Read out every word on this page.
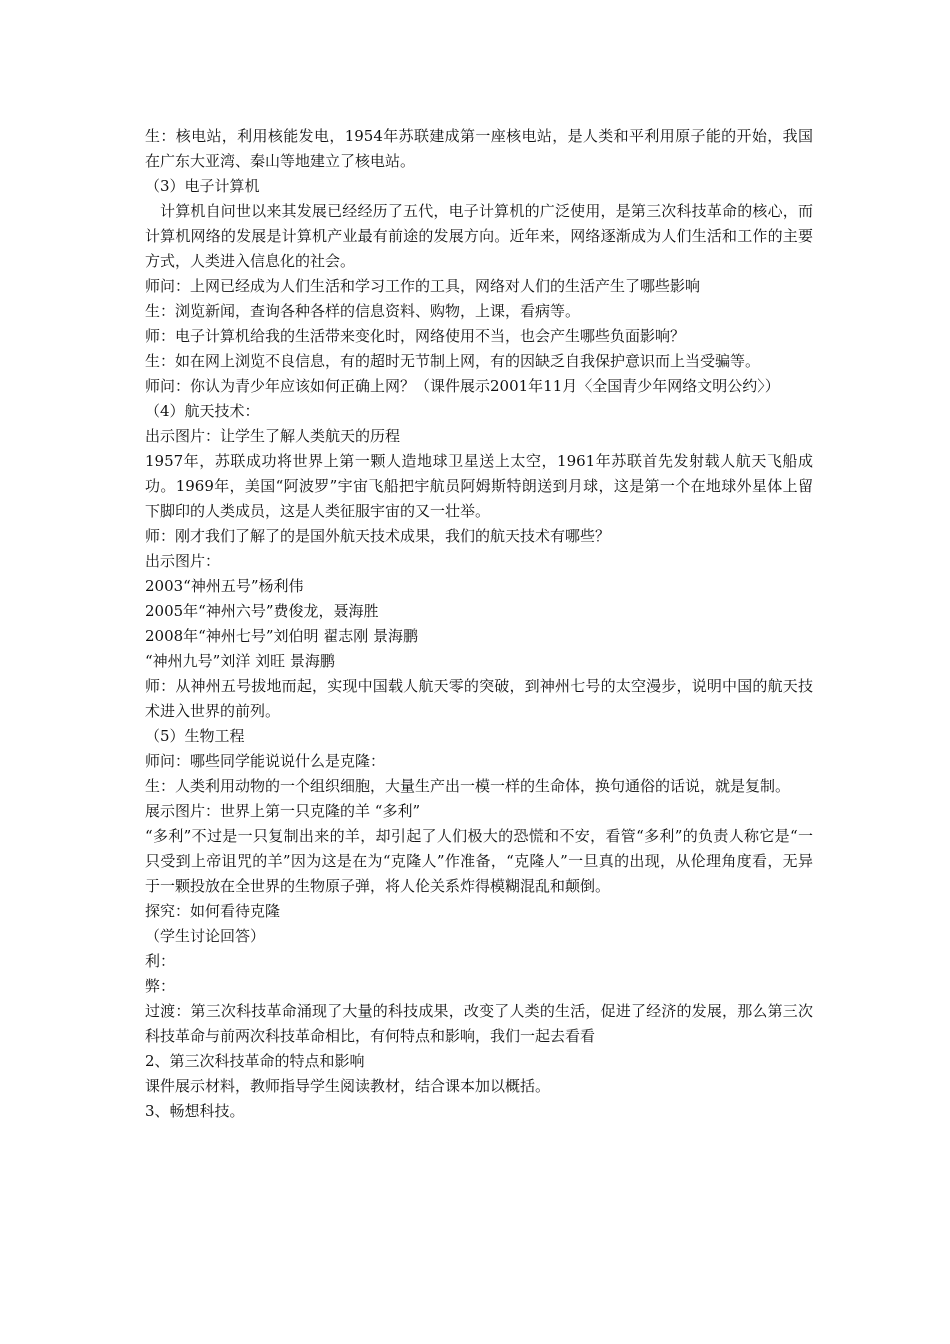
生：核电站，利用核能发电，1954年苏联建成第一座核电站，是人类和平利用原子能的开始，我国在广东大亚湾、秦山等地建立了核电站。

（3）电子计算机

计算机自问世以来其发展已经经历了五代，电子计算机的广泛使用，是第三次科技革命的核心，而计算机网络的发展是计算机产业最有前途的发展方向。近年来，网络逐渐成为人们生活和工作的主要方式，人类进入信息化的社会。

师问：上网已经成为人们生活和学习工作的工具，网络对人们的生活产生了哪些影响

生：浏览新闻，查询各种各样的信息资料、购物，上课，看病等。

师：电子计算机给我的生活带来变化时，网络使用不当，也会产生哪些负面影响？

生：如在网上浏览不良信息，有的超时无节制上网，有的因缺乏自我保护意识而上当受骗等。

师问：你认为青少年应该如何正确上网？（课件展示2001年11月〈全国青少年网络文明公约〉）

（4）航天技术：

出示图片：让学生了解人类航天的历程

1957年，苏联成功将世界上第一颗人造地球卫星送上太空，1961年苏联首先发射载人航天飞船成功。1969年，美国“阿波罗”宇宙飞船把宇航员阿姆斯特朗送到月球，这是第一个在地球外星体上留下脚印的人类成员，这是人类征服宇宙的又一壮举。

师：刚才我们了解了的是国外航天技术成果，我们的航天技术有哪些？

出示图片：

2003“神州五号”杨利伟

2005年“神州六号”费俊龙，聂海胜

2008年“神州七号”刘伯明 翟志刚 景海鹏

“神州九号”刘洋 刘旺 景海鹏

师：从神州五号拔地而起，实现中国载人航天零的突破，到神州七号的太空漫步，说明中国的航天技术进入世界的前列。

（5）生物工程

师问：哪些同学能说说什么是克隆：

生：人类利用动物的一个组织细胞，大量生产出一模一样的生命体，换句通俗的话说，就是复制。

展示图片：世界上第一只克隆的羊 “多利”

“多利”不过是一只复制出来的羊，却引起了人们极大的恐慌和不安，看管“多利”的负责人称它是“一只受到上帝诅咒的羊”因为这是在为“克隆人”作准备，“克隆人”一旦真的出现，从伦理角度看，无异于一颗投放在全世界的生物原子弹，将人伦关系炸得模糊混乱和颠倒。

探究：如何看待克隆

（学生讨论回答）

利：

弊：

过渡：第三次科技革命涌现了大量的科技成果，改变了人类的生活，促进了经济的发展，那么第三次科技革命与前两次科技革命相比，有何特点和影响，我们一起去看看

2、第三次科技革命的特点和影响

课件展示材料，教师指导学生阅读教材，结合课本加以概括。

3、畅想科技。
